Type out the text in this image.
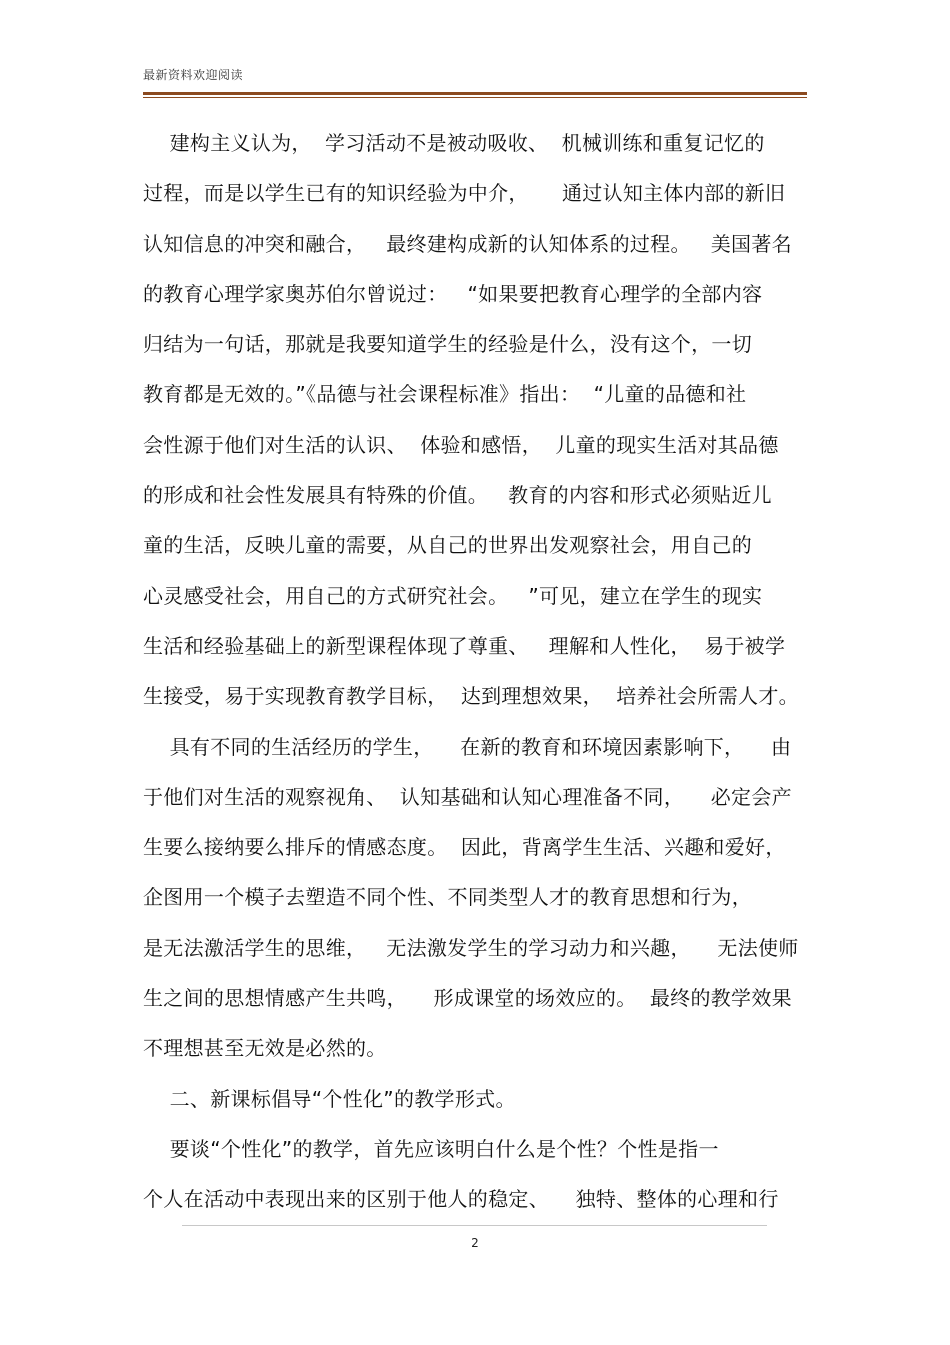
最新资料欢迎阅读
建构主义认为，  学习活动不是被动吸收、  机械训练和重复记忆的
过程，而是以学生已有的知识经验为中介，     通过认知主体内部的新旧
认知信息的冲突和融合，   最终建构成新的认知体系的过程。   美国著名
的教育心理学家奥苏伯尔曾说过：   “如果要把教育心理学的全部内容
归结为一句话，那就是我要知道学生的经验是什么，没有这个，一切
教育都是无效的。”《品德与社会课程标准》指出：  “儿童的品德和社
会性源于他们对生活的认识、  体验和感悟，  儿童的现实生活对其品德
的形成和社会性发展具有特殊的价值。   教育的内容和形式必须贴近儿
童的生活，反映儿童的需要，从自己的世界出发观察社会，用自己的
心灵感受社会，用自己的方式研究社会。   ”可见，建立在学生的现实
生活和经验基础上的新型课程体现了尊重、   理解和人性化，  易于被学
生接受，易于实现教育教学目标，  达到理想效果，  培养社会所需人才。
具有不同的生活经历的学生，    在新的教育和环境因素影响下，    由
于他们对生活的观察视角、  认知基础和认知心理准备不同，    必定会产
生要么接纳要么排斥的情感态度。  因此，背离学生生活、兴趣和爱好，
企图用一个模子去塑造不同个性、不同类型人才的教育思想和行为，
是无法激活学生的思维，   无法激发学生的学习动力和兴趣，    无法使师
生之间的思想情感产生共鸣，    形成课堂的场效应的。  最终的教学效果
不理想甚至无效是必然的。
二、新课标倡导“个性化”的教学形式。
要谈“个性化”的教学，首先应该明白什么是个性？个性是指一
个人在活动中表现出来的区别于他人的稳定、    独特、整体的心理和行
2
